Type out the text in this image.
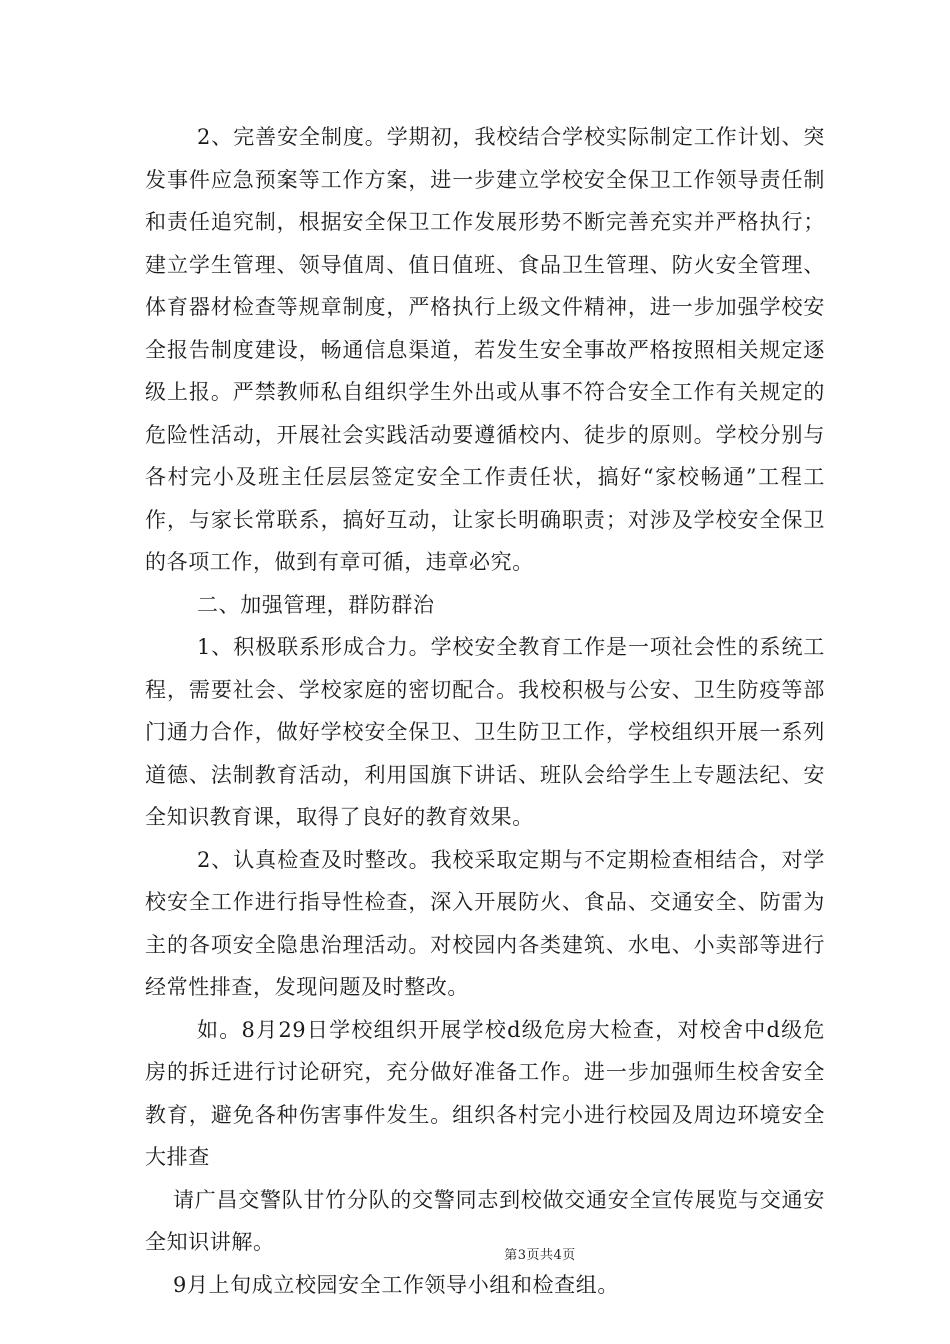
2、完善安全制度。学期初，我校结合学校实际制定工作计划、突发事件应急预案等工作方案，进一步建立学校安全保卫工作领导责任制和责任追究制，根据安全保卫工作发展形势不断完善充实并严格执行；建立学生管理、领导值周、值日值班、食品卫生管理、防火安全管理、体育器材检查等规章制度，严格执行上级文件精神，进一步加强学校安全报告制度建设，畅通信息渠道，若发生安全事故严格按照相关规定逐级上报。严禁教师私自组织学生外出或从事不符合安全工作有关规定的危险性活动，开展社会实践活动要遵循校内、徒步的原则。学校分别与各村完小及班主任层层签定安全工作责任状，搞好“家校畅通”工程工作，与家长常联系，搞好互动，让家长明确职责；对涉及学校安全保卫的各项工作，做到有章可循，违章必究。

二、加强管理，群防群治

1、积极联系形成合力。学校安全教育工作是一项社会性的系统工程，需要社会、学校家庭的密切配合。我校积极与公安、卫生防疫等部门通力合作，做好学校安全保卫、卫生防卫工作，学校组织开展一系列道德、法制教育活动，利用国旗下讲话、班队会给学生上专题法纪、安全知识教育课，取得了良好的教育效果。

2、认真检查及时整改。我校采取定期与不定期检查相结合，对学校安全工作进行指导性检查，深入开展防火、食品、交通安全、防雷为主的各项安全隐患治理活动。对校园内各类建筑、水电、小卖部等进行经常性排查，发现问题及时整改。

如。8月29日学校组织开展学校d级危房大检查，对校舍中d级危房的拆迁进行讨论研究，充分做好准备工作。进一步加强师生校舍安全教育，避免各种伤害事件发生。组织各村完小进行校园及周边环境安全大排查

请广昌交警队甘竹分队的交警同志到校做交通安全宣传展览与交通安全知识讲解。

9月上旬成立校园安全工作领导小组和检查组。

第3页共4页
